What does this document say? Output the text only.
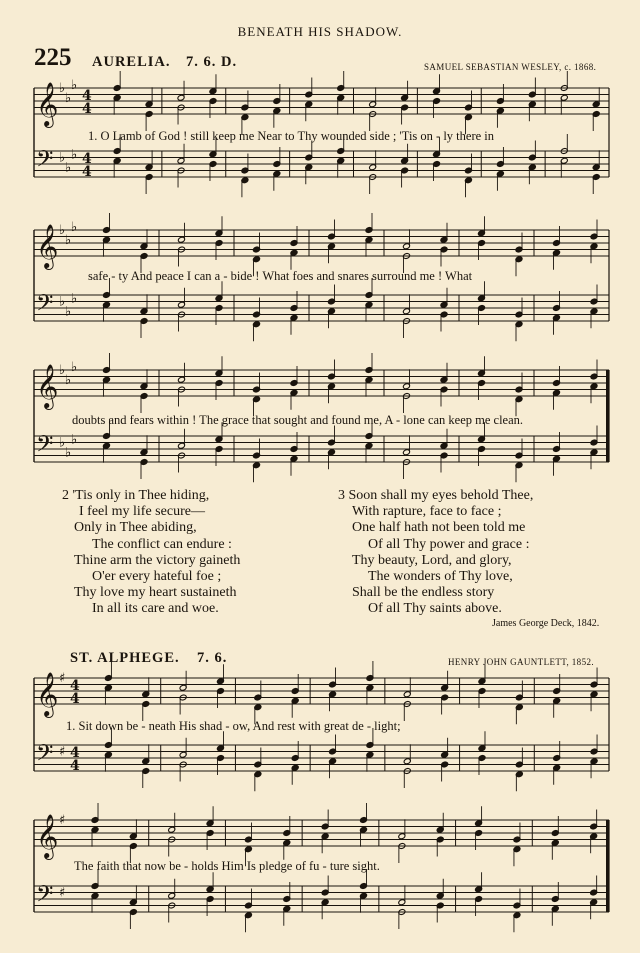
BENEATH HIS SHADOW.
225 AURELIA. 7. 6. D.	SAMUEL SEBASTIAN WESLEY, c. 1868.
𝄞
𝄢
♭
♭
♭
♭
♭
♭
4
4
4
4
𝄞
𝄢
♭
♭
♭
♭
♭
♭
𝄞
𝄢
♭
♭
♭
♭
♭
♭
1. O Lamb of God ! still keep me Near to Thy wounded side ; 'Tis on - ly there in
safe - ty And peace I can a - bide ! What foes and snares surround me ! What
doubts and fears within ! The grace that sought and found me, A - lone can keep me clean.
2 'Tis only in Thee hiding,
I feel my life secure—
Only in Thee abiding,
The conflict can endure :
Thine arm the victory gaineth
O'er every hateful foe ;
Thy love my heart sustaineth
In all its care and woe.
3 Soon shall my eyes behold Thee,
With rapture, face to face ;
One half hath not been told me
Of all Thy power and grace :
Thy beauty, Lord, and glory,
The wonders of Thy love,
Shall be the endless story
Of all Thy saints above.
James George Deck, 1842.
ST. ALPHEGE. 7. 6.	HENRY JOHN GAUNTLETT, 1852.
𝄞
𝄢
♯
♯
4
4
4
4
𝄞
𝄢
♯
♯
1. Sit down be - neath His shad - ow, And rest with great de - light;
The faith that now be - holds Him Is pledge of fu - ture sight.
